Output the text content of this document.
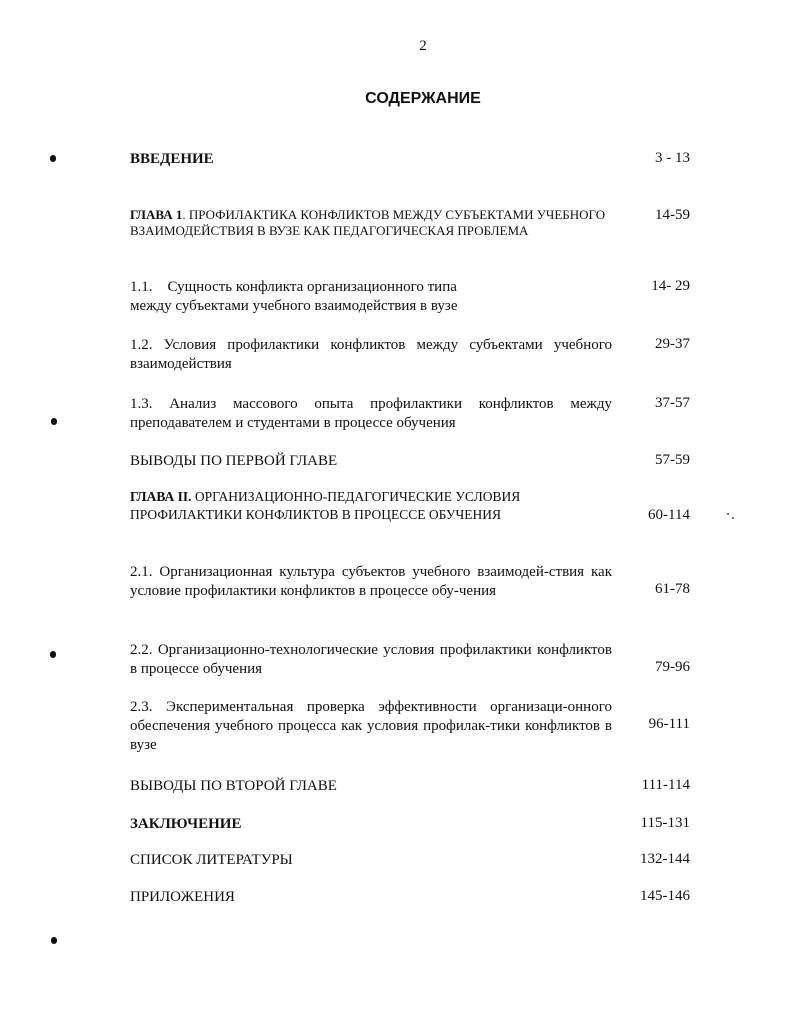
2
СОДЕРЖАНИЕ
ВВЕДЕНИЕ	3 - 13
ГЛАВА 1. ПРОФИЛАКТИКА КОНФЛИКТОВ МЕЖДУ СУБЪЕКТАМИ УЧЕБНОГО ВЗАИМОДЕЙСТВИЯ В ВУЗЕ КАК ПЕДАГОГИЧЕСКАЯ ПРОБЛЕМА
14-59
1.1.    Сущность конфликта организационного типа
между субъектами учебного взаимодействия в вузе
14- 29
1.2. Условия профилактики конфликтов между субъектами учебного взаимодействия
29-37
1.3. Анализ массового опыта профилактики конфликтов между преподавателем и студентами в процессе обучения
37-57
ВЫВОДЫ ПО ПЕРВОЙ ГЛАВЕ	57-59
ГЛАВА II. ОРГАНИЗАЦИОННО-ПЕДАГОГИЧЕСКИЕ УСЛОВИЯ ПРОФИЛАКТИКИ КОНФЛИКТОВ В ПРОЦЕССЕ ОБУЧЕНИЯ	60-114
2.1. Организационная культура субъектов учебного взаимодей-ствия как условие профилактики конфликтов в процессе обу-чения	61-78
2.2. Организационно-технологические условия профилактики конфликтов в процессе обучения	79-96
2.3. Экспериментальная проверка эффективности организаци-онного обеспечения учебного процесса как условия профилак-тики конфликтов в вузе
96-111
ВЫВОДЫ ПО ВТОРОЙ ГЛАВЕ	111-114
ЗАКЛЮЧЕНИЕ	115-131
СПИСОК ЛИТЕРАТУРЫ	132-144
ПРИЛОЖЕНИЯ	145-146
